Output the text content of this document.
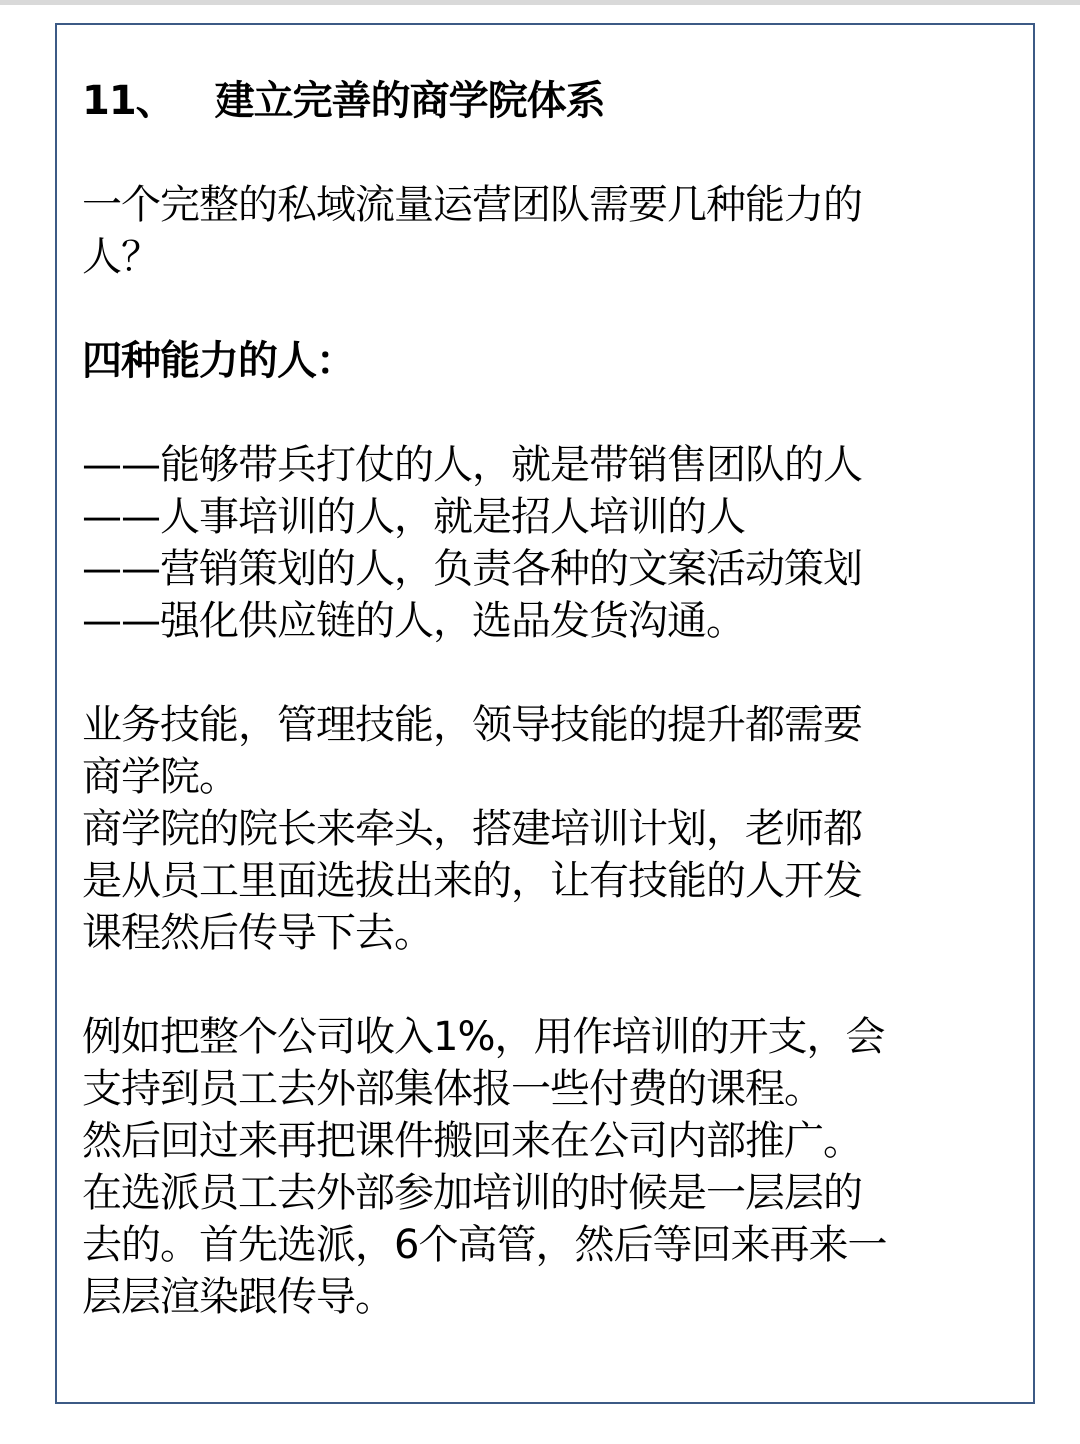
11、 建立完善的商学院体系
一个完整的私域流量运营团队需要几种能力的
人？
四种能力的人：
——能够带兵打仗的人，就是带销售团队的人
——人事培训的人，就是招人培训的人
——营销策划的人，负责各种的文案活动策划
——强化供应链的人，选品发货沟通。
业务技能，管理技能，领导技能的提升都需要
商学院。
商学院的院长来牵头，搭建培训计划，老师都
是从员工里面选拔出来的，让有技能的人开发
课程然后传导下去。
例如把整个公司收入1%，用作培训的开支，会
支持到员工去外部集体报一些付费的课程。
然后回过来再把课件搬回来在公司内部推广。
在选派员工去外部参加培训的时候是一层层的
去的。首先选派，6个高管，然后等回来再来一
层层渲染跟传导。
